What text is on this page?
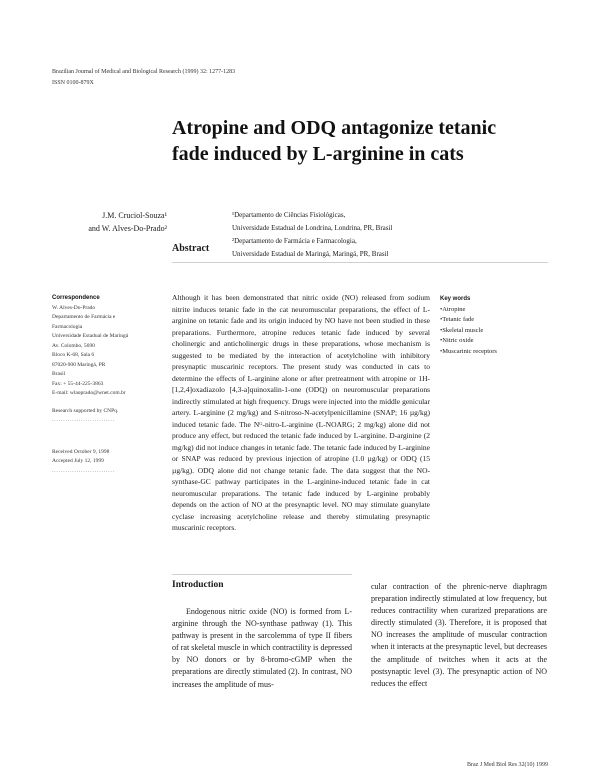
Brazilian Journal of Medical and Biological Research (1999) 32: 1277-1283
ISSN 0100-879X
Atropine and ODQ antagonize tetanic fade induced by L-arginine in cats
J.M. Cruciol-Souza¹
and W. Alves-Do-Prado²
¹Departamento de Ciências Fisiológicas,
Universidade Estadual de Londrina, Londrina, PR, Brasil
²Departamento de Farmácia e Farmacologia,
Universidade Estadual de Maringá, Maringá, PR, Brasil
Abstract
Correspondence
W. Alves-Do-Prado
Departamento de Farmácia e
Farmacologia
Universidade Estadual de Maringá
Av. Colombo, 5690
Bloco K-68, Sala 6
87020-900 Maringá, PR
Brasil
Fax: + 55-44-225-3863
E-mail: wlaoprado@wnet.com.br
Research supported by CNPq.
............................
Received October 9, 1998
Accepted July 12, 1999
............................

Although it has been demonstrated that nitric oxide (NO) released from sodium nitrite induces tetanic fade in the cat neuromuscular preparations, the effect of L-arginine on tetanic fade and its origin induced by NO have not been studied in these preparations. Furthermore, atropine reduces tetanic fade induced by several cholinergic and anticholinergic drugs in these preparations, whose mechanism is suggested to be mediated by the interaction of acetylcholine with inhibitory presynaptic muscarinic receptors. The present study was conducted in cats to determine the effects of L-arginine alone or after pretreatment with atropine or 1H-[1,2,4]oxadiazolo [4,3-a]quinoxalin-1-one (ODQ) on neuromuscular preparations indirectly stimulated at high frequency. Drugs were injected into the middle genicular artery. L-arginine (2 mg/kg) and S-nitroso-N-acetylpenicillamine (SNAP; 16 µg/kg) induced tetanic fade. The Nᴳ-nitro-L-arginine (L-NOARG; 2 mg/kg) alone did not produce any effect, but reduced the tetanic fade induced by L-arginine. D-arginine (2 mg/kg) did not induce changes in tetanic fade. The tetanic fade induced by L-arginine or SNAP was reduced by previous injection of atropine (1.0 µg/kg) or ODQ (15 µg/kg). ODQ alone did not change tetanic fade. The data suggest that the NO-synthase-GC pathway participates in the L-arginine-induced tetanic fade in cat neuromuscular preparations. The tetanic fade induced by L-arginine probably depends on the action of NO at the presynaptic level. NO may stimulate guanylate cyclase increasing acetylcholine release and thereby stimulating presynaptic muscarinic receptors.

Key words
• Atropine
• Tetanic fade
• Skeletal muscle
• Nitric oxide
• Muscarinic receptors
Introduction

Endogenous nitric oxide (NO) is formed from L-arginine through the NO-synthase pathway (1). This pathway is present in the sarcolemma of type II fibers of rat skeletal muscle in which contractility is depressed by NO donors or by 8-bromo-cGMP when the preparations are directly stimulated (2). In contrast, NO increases the amplitude of mus-

cular contraction of the phrenic-nerve diaphragm preparation indirectly stimulated at low frequency, but reduces contractility when curarized preparations are directly stimulated (3). Therefore, it is proposed that NO increases the amplitude of muscular contraction when it interacts at the presynaptic level, but decreases the amplitude of twitches when it acts at the postsynaptic level (3). The presynaptic action of NO reduces the effect

Braz J Med Biol Res 32(10) 1999
